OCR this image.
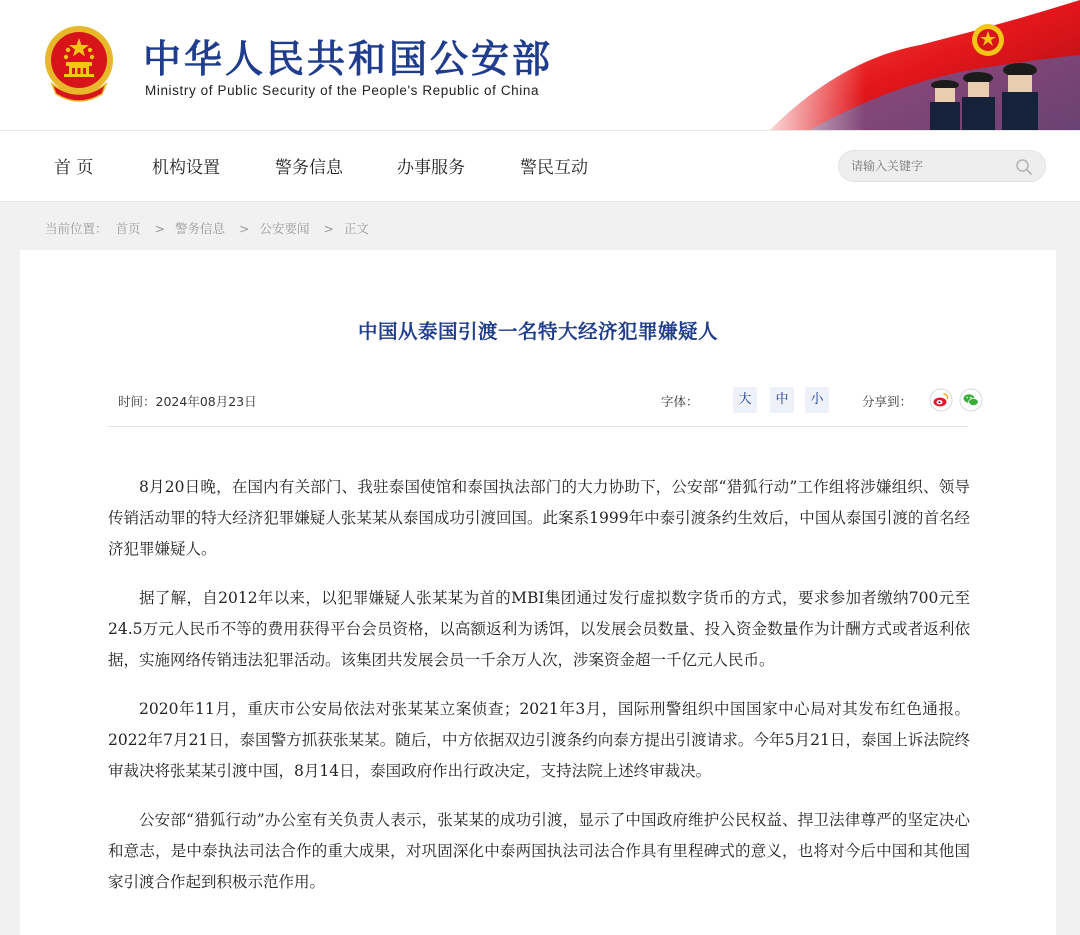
中华人民共和国公安部
Ministry of Public Security of the People's Republic of China
首 页	机构设置	警务信息	办事服务	警民互动
请输入关键字
当前位置： 首页 > 警务信息 > 公安要闻 > 正文
中国从泰国引渡一名特大经济犯罪嫌疑人
时间：2024年08月23日	字体：	大	中	小	分享到：

8月20日晚，在国内有关部门、我驻泰国使馆和泰国执法部门的大力协助下，公安部“猎狐行动”工作组将涉嫌组织、领导传销活动罪的特大经济犯罪嫌疑人张某某从泰国成功引渡回国。此案系1999年中泰引渡条约生效后，中国从泰国引渡的首名经济犯罪嫌疑人。

据了解，自2012年以来，以犯罪嫌疑人张某某为首的MBI集团通过发行虚拟数字货币的方式，要求参加者缴纳700元至24.5万元人民币不等的费用获得平台会员资格，以高额返利为诱饵，以发展会员数量、投入资金数量作为计酬方式或者返利依据，实施网络传销违法犯罪活动。该集团共发展会员一千余万人次，涉案资金超一千亿元人民币。

2020年11月，重庆市公安局依法对张某某立案侦查；2021年3月，国际刑警组织中国国家中心局对其发布红色通报。2022年7月21日，泰国警方抓获张某某。随后，中方依据双边引渡条约向泰方提出引渡请求。今年5月21日，泰国上诉法院终审裁决将张某某引渡中国，8月14日，泰国政府作出行政决定，支持法院上述终审裁决。

公安部“猎狐行动”办公室有关负责人表示，张某某的成功引渡，显示了中国政府维护公民权益、捍卫法律尊严的坚定决心和意志，是中泰执法司法合作的重大成果，对巩固深化中泰两国执法司法合作具有里程碑式的意义，也将对今后中国和其他国家引渡合作起到积极示范作用。
